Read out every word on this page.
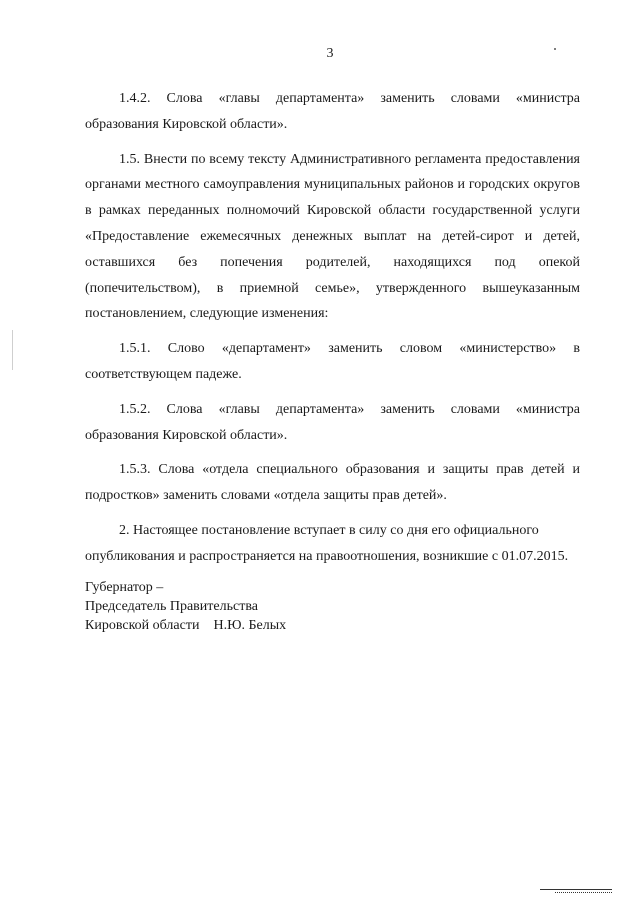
3

1.4.2. Слова «главы департамента» заменить словами «министра образования Кировской области».

1.5. Внести по всему тексту Административного регламента предоставления органами местного самоуправления муниципальных районов и городских округов в рамках переданных полномочий Кировской области государственной услуги «Предоставление ежемесячных денежных выплат на детей-сирот и детей, оставшихся без попечения родителей, находящихся под опекой (попечительством), в приемной семье», утвержденного вышеуказанным постановлением, следующие изменения:

1.5.1. Слово «департамент» заменить словом «министерство» в соответствующем падеже.

1.5.2. Слова «главы департамента» заменить словами «министра образования Кировской области».

1.5.3. Слова «отдела специального образования и защиты прав детей и подростков» заменить словами «отдела защиты прав детей».

2. Настоящее постановление вступает в силу со дня его официального опубликования и распространяется на правоотношения, возникшие с 01.07.2015.

Губернатор –
Председатель Правительства
Кировской области Н.Ю. Белых
